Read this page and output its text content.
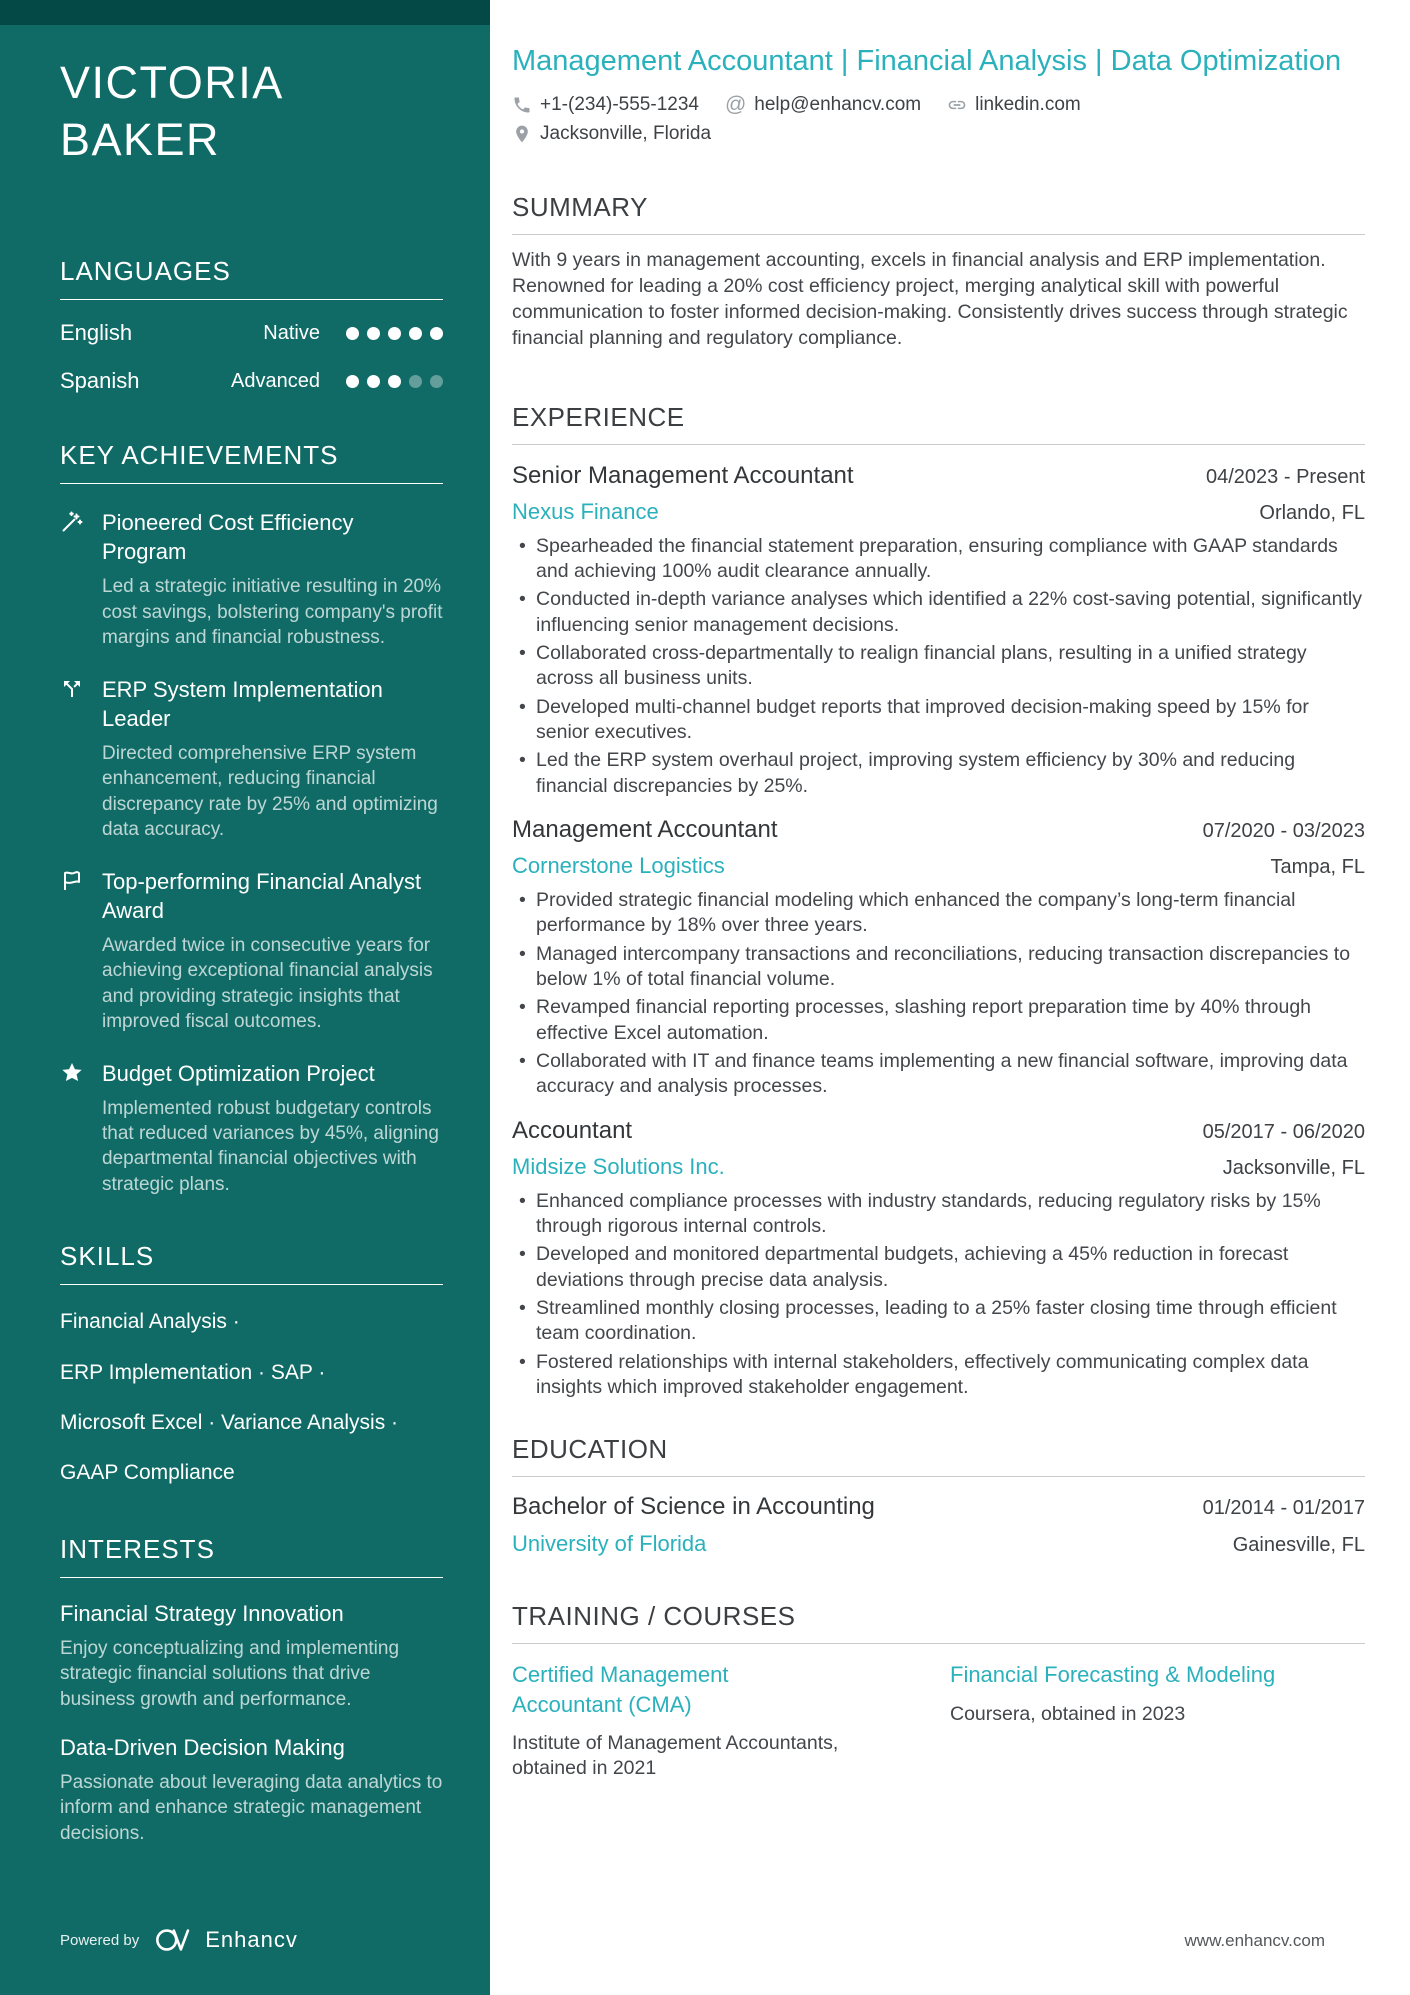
VICTORIA BAKER
LANGUAGES
English	Native
Spanish	Advanced
KEY ACHIEVEMENTS
Pioneered Cost Efficiency Program
Led a strategic initiative resulting in 20% cost savings, bolstering company's profit margins and financial robustness.
ERP System Implementation Leader
Directed comprehensive ERP system enhancement, reducing financial discrepancy rate by 25% and optimizing data accuracy.
Top-performing Financial Analyst Award
Awarded twice in consecutive years for achieving exceptional financial analysis and providing strategic insights that improved fiscal outcomes.
Budget Optimization Project
Implemented robust budgetary controls that reduced variances by 45%, aligning departmental financial objectives with strategic plans.
SKILLS
Financial Analysis ·
ERP Implementation · SAP ·
Microsoft Excel · Variance Analysis ·
GAAP Compliance
INTERESTS
Financial Strategy Innovation
Enjoy conceptualizing and implementing strategic financial solutions that drive business growth and performance.
Data-Driven Decision Making
Passionate about leveraging data analytics to inform and enhance strategic management decisions.
Powered by	Enhancv
Management Accountant | Financial Analysis | Data Optimization
+1-(234)-555-1234 @ help@enhancv.com	linkedin.com
Jacksonville, Florida
SUMMARY

With 9 years in management accounting, excels in financial analysis and ERP implementation. Renowned for leading a 20% cost efficiency project, merging analytical skill with powerful communication to foster informed decision-making. Consistently drives success through strategic financial planning and regulatory compliance.

EXPERIENCE
Senior Management Accountant	04/2023 - Present
Nexus Finance	Orlando, FL
• Spearheaded the financial statement preparation, ensuring compliance with GAAP standards and achieving 100% audit clearance annually.
• Conducted in-depth variance analyses which identified a 22% cost-saving potential, significantly influencing senior management decisions.
• Collaborated cross-departmentally to realign financial plans, resulting in a unified strategy across all business units.
• Developed multi-channel budget reports that improved decision-making speed by 15% for senior executives.
• Led the ERP system overhaul project, improving system efficiency by 30% and reducing financial discrepancies by 25%.
Management Accountant	07/2020 - 03/2023
Cornerstone Logistics	Tampa, FL
• Provided strategic financial modeling which enhanced the company’s long-term financial performance by 18% over three years.
• Managed intercompany transactions and reconciliations, reducing transaction discrepancies to below 1% of total financial volume.
• Revamped financial reporting processes, slashing report preparation time by 40% through effective Excel automation.
• Collaborated with IT and finance teams implementing a new financial software, improving data accuracy and analysis processes.
Accountant	05/2017 - 06/2020
Midsize Solutions Inc.	Jacksonville, FL
• Enhanced compliance processes with industry standards, reducing regulatory risks by 15% through rigorous internal controls.
• Developed and monitored departmental budgets, achieving a 45% reduction in forecast deviations through precise data analysis.
• Streamlined monthly closing processes, leading to a 25% faster closing time through efficient team coordination.
• Fostered relationships with internal stakeholders, effectively communicating complex data insights which improved stakeholder engagement.
EDUCATION
Bachelor of Science in Accounting	01/2014 - 01/2017
University of Florida	Gainesville, FL
TRAINING / COURSES
Certified Management Accountant (CMA)
Institute of Management Accountants, obtained in 2021
Financial Forecasting & Modeling
Coursera, obtained in 2023
www.enhancv.com
